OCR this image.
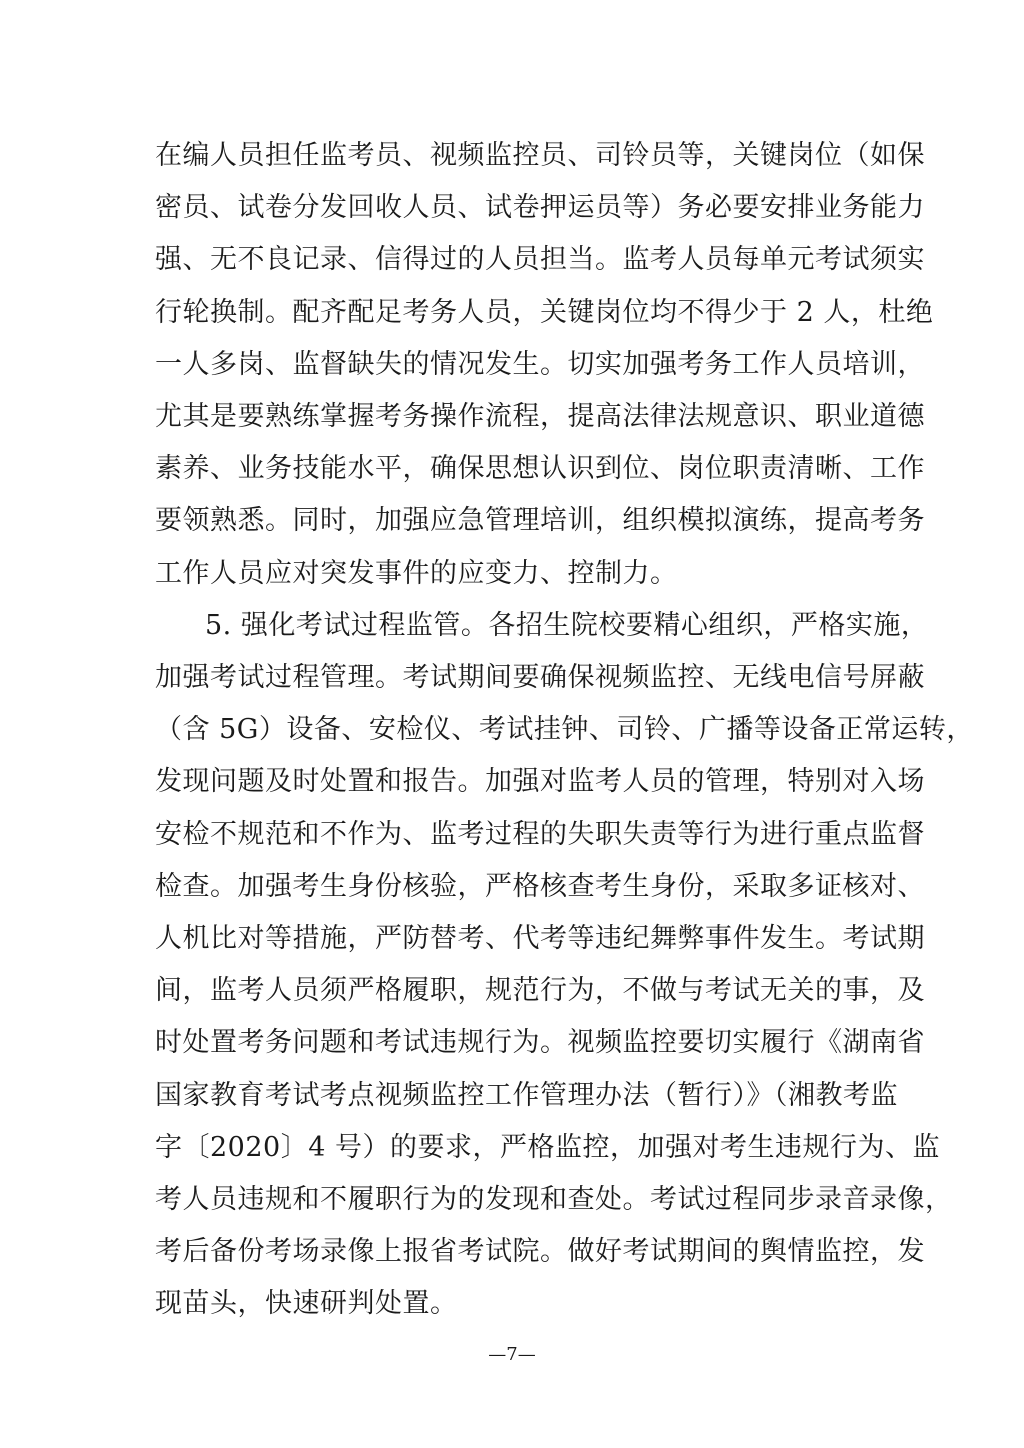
在编人员担任监考员、视频监控员、司铃员等，关键岗位（如保
密员、试卷分发回收人员、试卷押运员等）务必要安排业务能力
强、无不良记录、信得过的人员担当。监考人员每单元考试须实
行轮换制。配齐配足考务人员，关键岗位均不得少于 2 人，杜绝
一人多岗、监督缺失的情况发生。切实加强考务工作人员培训，
尤其是要熟练掌握考务操作流程，提高法律法规意识、职业道德
素养、业务技能水平，确保思想认识到位、岗位职责清晰、工作
要领熟悉。同时，加强应急管理培训，组织模拟演练，提高考务
工作人员应对突发事件的应变力、控制力。
5. 强化考试过程监管。各招生院校要精心组织，严格实施，
加强考试过程管理。考试期间要确保视频监控、无线电信号屏蔽
（含 5G）设备、安检仪、考试挂钟、司铃、广播等设备正常运转，
发现问题及时处置和报告。加强对监考人员的管理，特别对入场
安检不规范和不作为、监考过程的失职失责等行为进行重点监督
检查。加强考生身份核验，严格核查考生身份，采取多证核对、
人机比对等措施，严防替考、代考等违纪舞弊事件发生。考试期
间，监考人员须严格履职，规范行为，不做与考试无关的事，及
时处置考务问题和考试违规行为。视频监控要切实履行《湖南省
国家教育考试考点视频监控工作管理办法（暂行）》（湘教考监
字〔2020〕4 号）的要求，严格监控，加强对考生违规行为、监
考人员违规和不履职行为的发现和查处。考试过程同步录音录像，
考后备份考场录像上报省考试院。做好考试期间的舆情监控，发
现苗头，快速研判处置。
—7—
